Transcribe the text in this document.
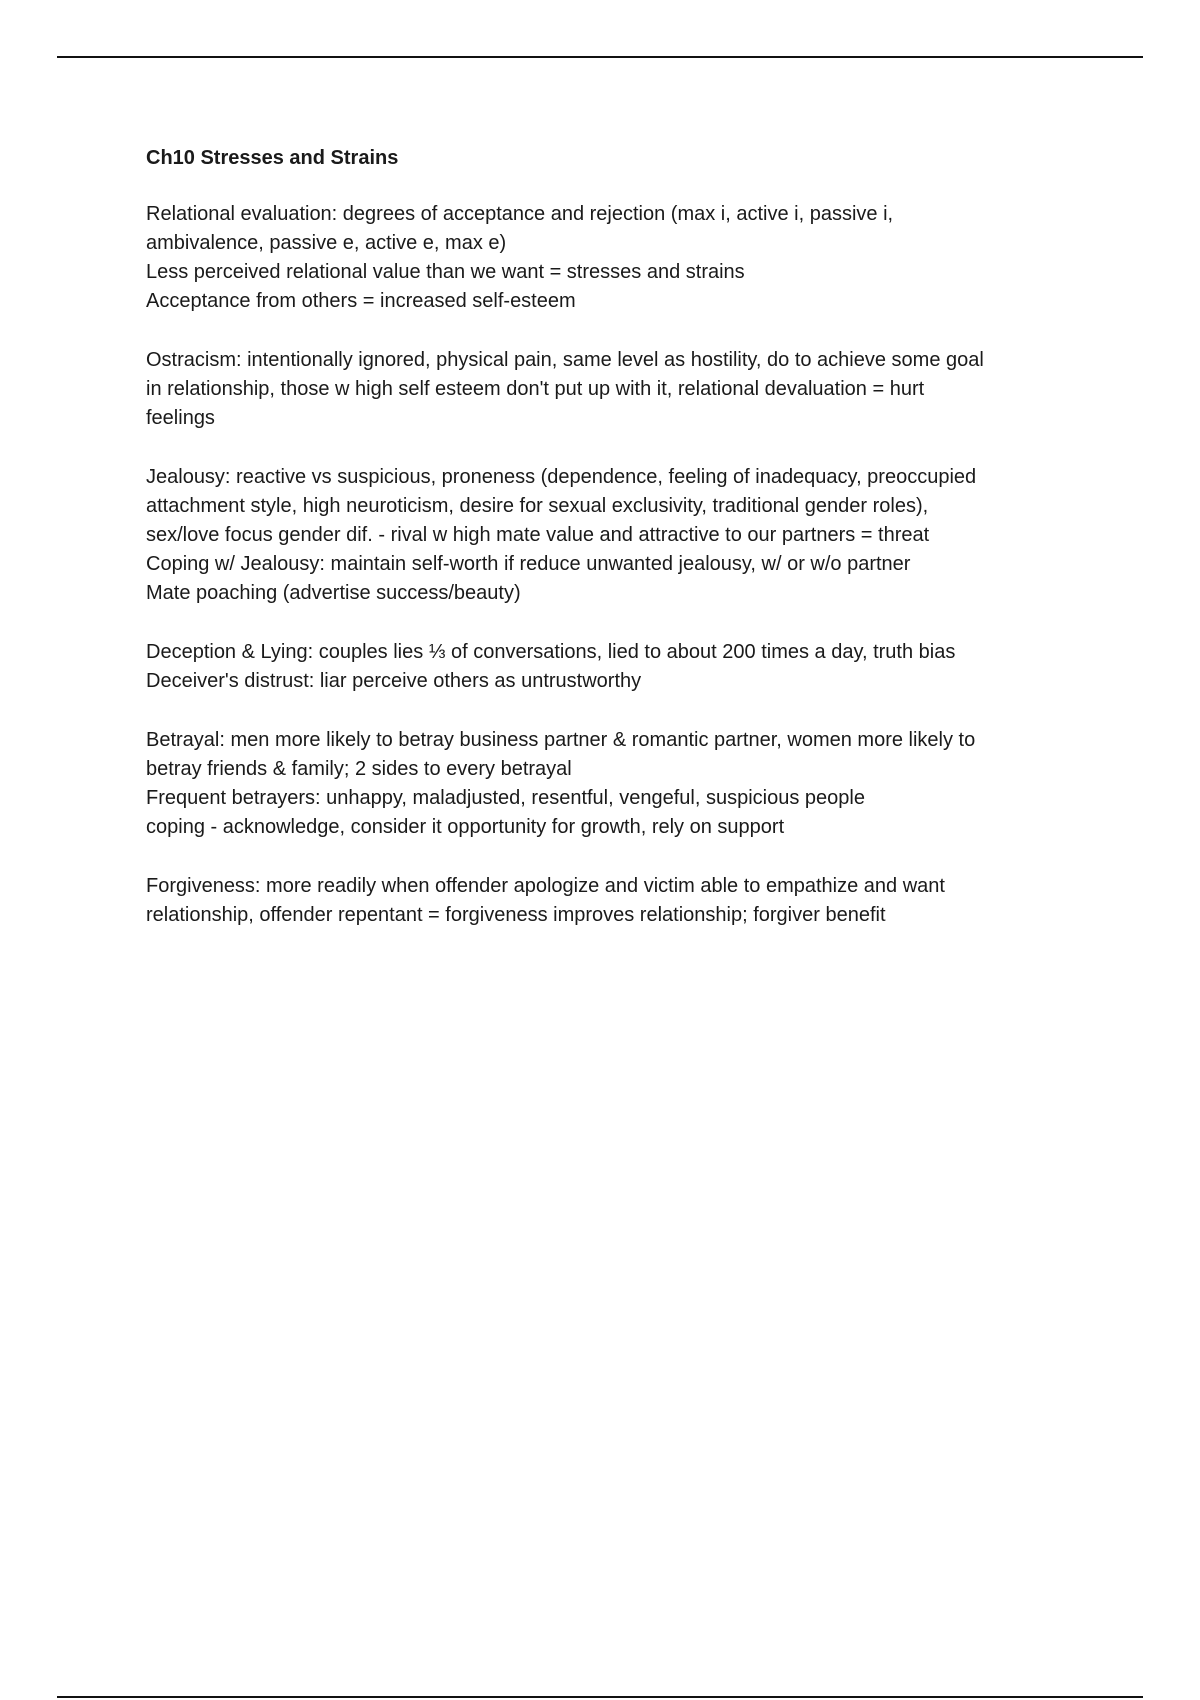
Ch10 Stresses and Strains
Relational evaluation: degrees of acceptance and rejection (max i, active i, passive i,
ambivalence, passive e, active e, max e)
Less perceived relational value than we want = stresses and strains
Acceptance from others = increased self-esteem
Ostracism: intentionally ignored, physical pain, same level as hostility, do to achieve some goal
in relationship, those w high self esteem don't put up with it, relational devaluation = hurt
feelings
Jealousy: reactive vs suspicious, proneness (dependence, feeling of inadequacy, preoccupied
attachment style, high neuroticism, desire for sexual exclusivity, traditional gender roles),
sex/love focus gender dif. - rival w high mate value and attractive to our partners = threat
Coping w/ Jealousy: maintain self-worth if reduce unwanted jealousy, w/ or w/o partner
Mate poaching (advertise success/beauty)
Deception & Lying: couples lies ⅓ of conversations, lied to about 200 times a day, truth bias
Deceiver's distrust: liar perceive others as untrustworthy
Betrayal: men more likely to betray business partner & romantic partner, women more likely to
betray friends & family; 2 sides to every betrayal
Frequent betrayers: unhappy, maladjusted, resentful, vengeful, suspicious people
coping - acknowledge, consider it opportunity for growth, rely on support
Forgiveness: more readily when offender apologize and victim able to empathize and want
relationship, offender repentant = forgiveness improves relationship; forgiver benefit
